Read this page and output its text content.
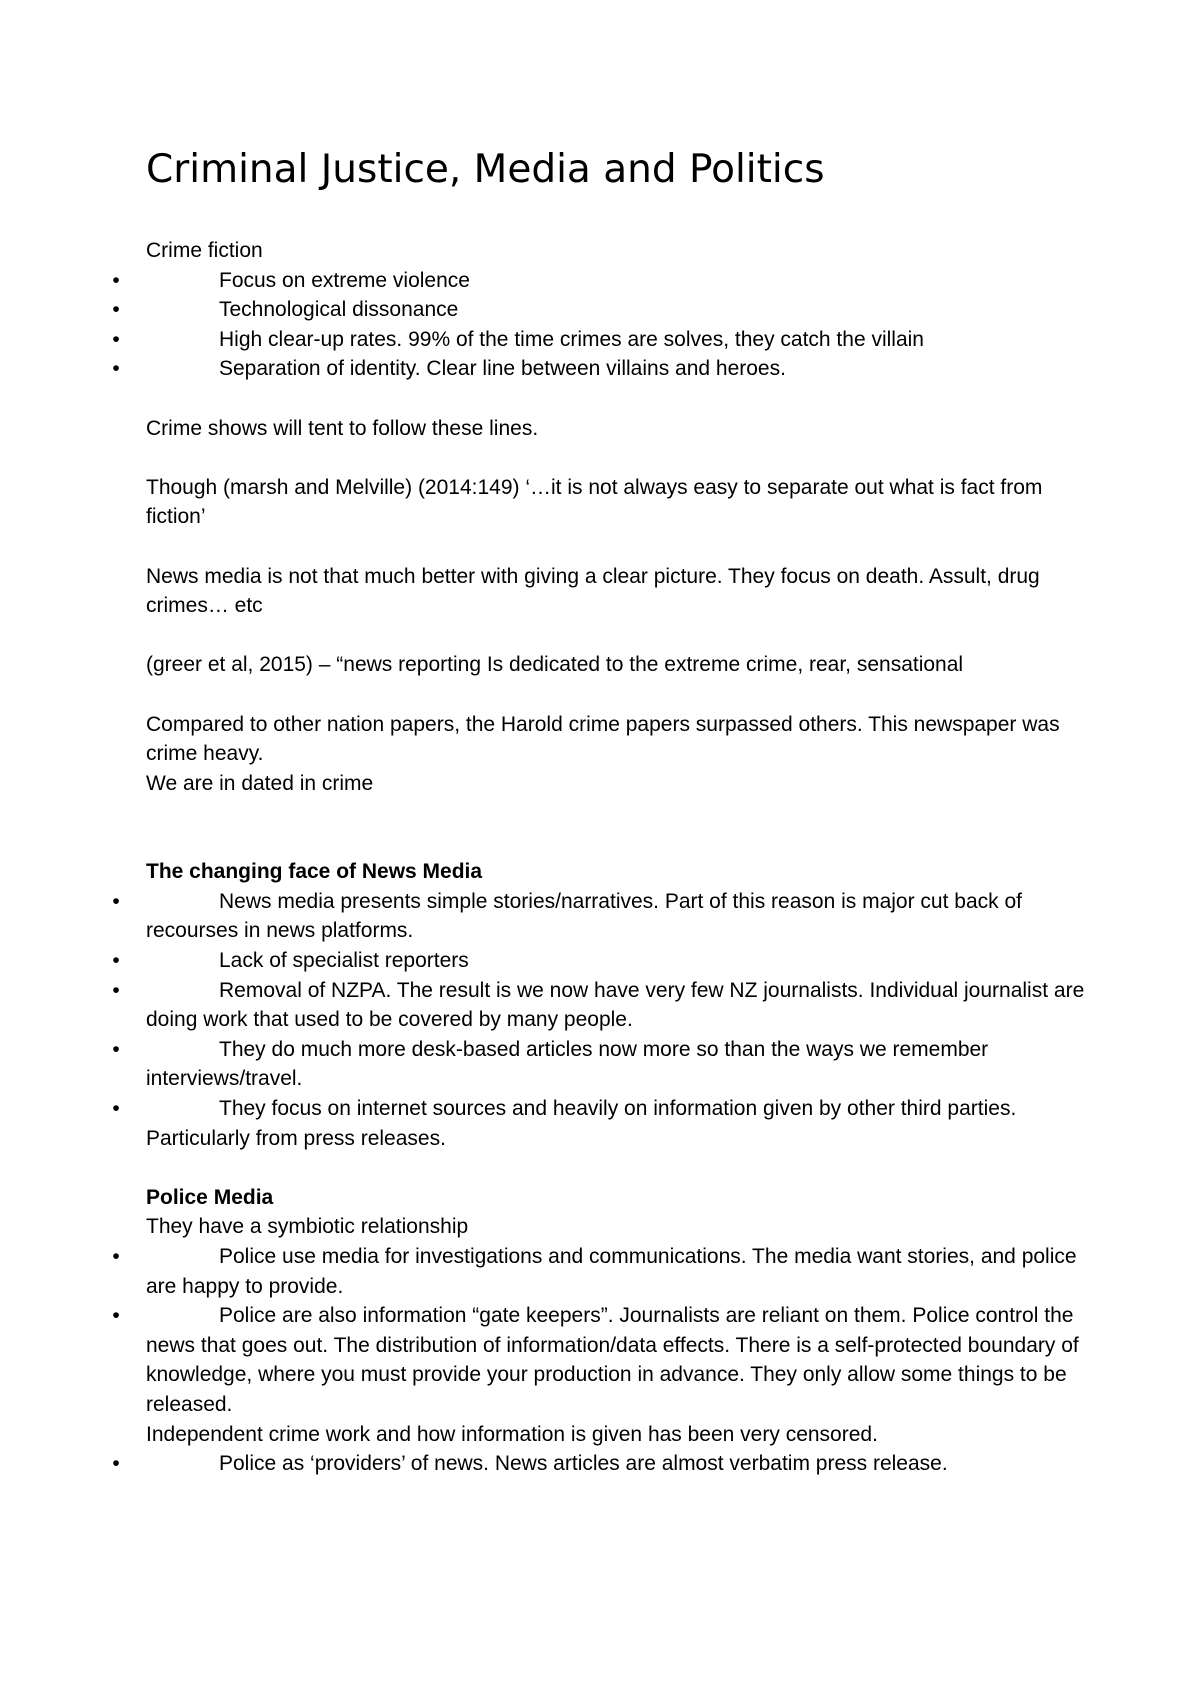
Criminal Justice, Media and Politics

Crime fiction

•	Focus on extreme violence
•	Technological dissonance
•	High clear-up rates. 99% of the time crimes are solves, they catch the villain
•	Separation of identity. Clear line between villains and heroes.

Crime shows will tent to follow these lines.

Though (marsh and Melville) (2014:149) ‘…it is not always easy to separate out what is fact from fiction’

News media is not that much better with giving a clear picture. They focus on death. Assult, drug crimes… etc

(greer et al, 2015) – “news reporting Is dedicated to the extreme crime, rear, sensational

Compared to other nation papers, the Harold crime papers surpassed others. This newspaper was crime heavy.

We are in dated in crime

The changing face of News Media

•	News media presents simple stories/narratives. Part of this reason is major cut back of recourses in news platforms.
•	Lack of specialist reporters
•	Removal of NZPA. The result is we now have very few NZ journalists. Individual journalist are doing work that used to be covered by many people.
•	They do much more desk-based articles now more so than the ways we remember interviews/travel.
•	They focus on internet sources and heavily on information given by other third parties. Particularly from press releases.

Police Media

They have a symbiotic relationship

•	Police use media for investigations and communications. The media want stories, and police are happy to provide.
•	Police are also information “gate keepers”. Journalists are reliant on them. Police control the news that goes out. The distribution of information/data effects. There is a self-protected boundary of knowledge, where you must provide your production in advance. They only allow some things to be released.

Independent crime work and how information is given has been very censored.

•	Police as ‘providers’ of news. News articles are almost verbatim press release.
